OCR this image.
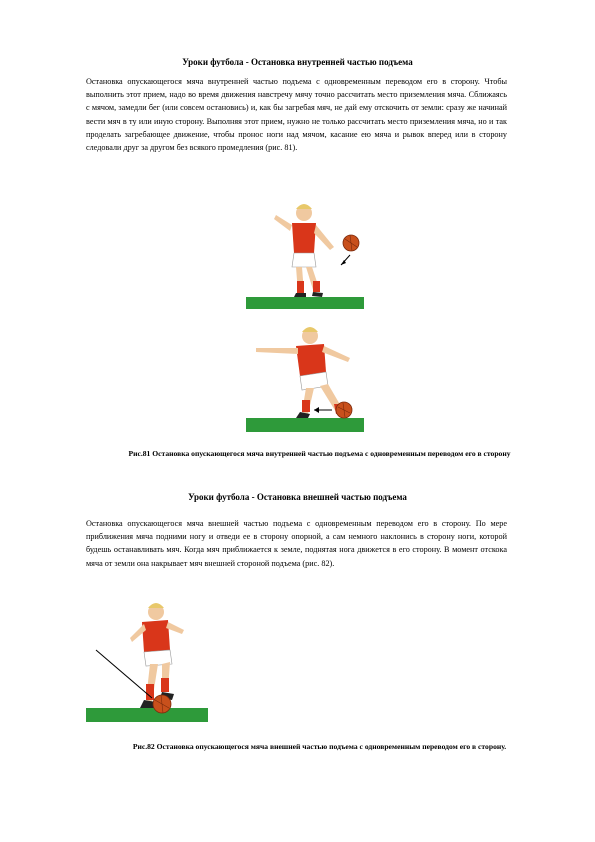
Уроки футбола - Остановка внутренней частью подъема

Остановка опускающегося мяча внутренней частью подъема с одновременным переводом его в сторону. Чтобы выполнить этот прием, надо во время движения навстречу мячу точно рассчитать место приземления мяча. Сближаясь с мячом, замедли бег (или совсем остановись) и, как бы загребая мяч, не дай ему отскочить от земли: сразу же начинай вести мяч в ту или иную сторону. Выполняя этот прием, нужно не только рассчитать место приземления мяча, но и так проделать загребающее движение, чтобы пронос ноги над мячом, касание ею мяча и рывок вперед или в сторону следовали друг за другом без всякого промедления (рис. 81).

Рис.81 Остановка опускающегося мяча внутренней частью подъема с одновременным переводом его в сторону

Уроки футбола - Остановка внешней частью подъема

Остановка опускающегося мяча внешней частью подъема с одновременным переводом его в сторону. По мере приближения мяча подними ногу и отведи ее в сторону опорной, а сам немного наклонись в сторону ноги, которой будешь останавливать мяч. Когда мяч приближается к земле, поднятая нога движется в его сторону. В момент отскока мяча от земли она накрывает мяч внешней стороной подъема (рис. 82).

Рис.82 Остановка опускающегося мяча внешней частью подъема с одновременным переводом его в сторону.
